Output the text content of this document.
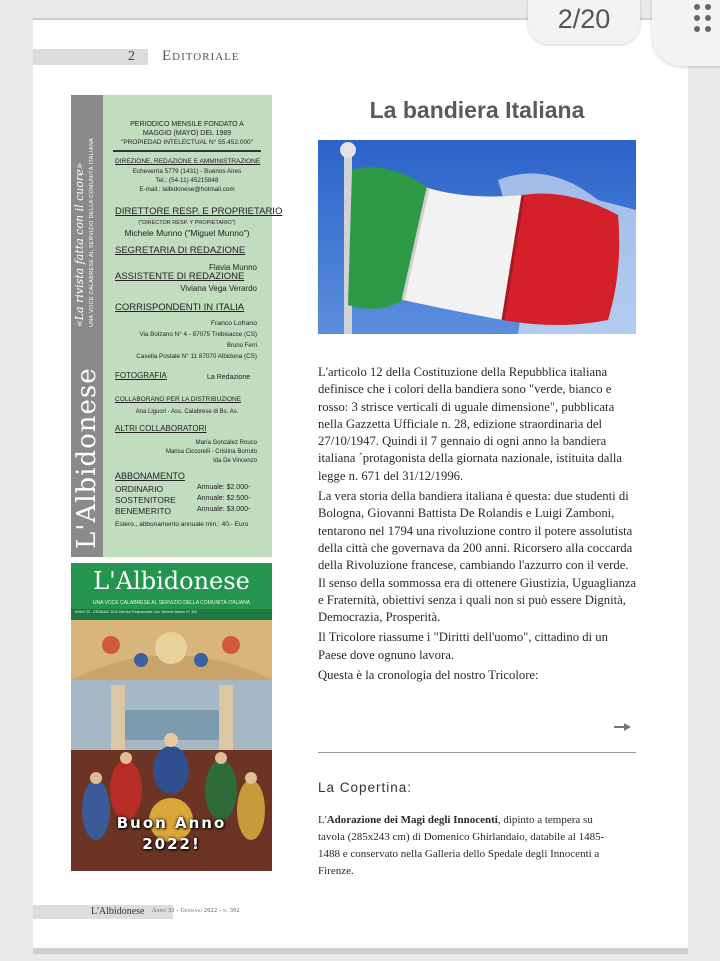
2/20
2 Editoriale
L'Albidonese
«La rivista fatta con il cuore» UNA VOCE CALABRESE AL SERVIZIO DELLA COMUNITÀ ITALIANA
PERIODICO MENSILE FONDATO A
MAGGIO (MAYO) DEL 1989
"PROPIEDAD INTELECTUAL N° 55.452.000"
DIREZIONE, REDAZIONE E AMMINISTRAZIONE
Echeverria 5779 (1431) - Buenos Aires
Tel.: (54-11) 45215848
E-mail.: lalbidonese@hotmail.com
DIRETTORE RESP. E PROPRIETARIO
("DIRECTOR RESP. Y PROPIETARIO")
Michele Munno ("Miguel Munno")
SEGRETARIA DI REDAZIONE
Flavia Munno
ASSISTENTE DI REDAZIONE
Viviana Vega Verardo
CORRISPONDENTI IN ITALIA
Franco Lofrano
Via Bolzano N° 4 - 87075 Trebisacce (CS)
Bruno Ferri
Casella Postale N° 11 87070 Albidona (CS)
FOTOGRAFIA	La Redazione
COLLABORANO PER LA DISTRIBUZIONE
Ana Liguori - Ass. Calabrese di Bs. As.
ALTRI COLLABORATORI
María González Rouco
Marisa Ciccorelli - Cristina Borruto
Ida De Vincenzo
ABBONAMENTO
ORDINARIO	Annuale: $2.000-
SOSTENITORE	Annuale: $2.500-
BENEMERITO	Annuale: $3.000-
Estero., abbonamento annuale min.: 40.- Euro
L'Albidonese
UNA VOCE CALABRESE AL SERVIZIO DELLA COMUNITÀ ITALIANA
ANNO 33 - GENNAIO 2022 Director Responsable Cav. Michele Munno N° 392
Buon Anno
2022!
La bandiera Italiana

L'articolo 12 della Costituzione della Repubblica italiana definisce che i colori della bandiera sono "verde, bianco e rosso: 3 strisce verticali di uguale dimensione", pubblicata nella Gazzetta Ufficiale n. 28, edizione straordinaria del 27/10/1947. Quindi il 7 gennaio di ogni anno la bandiera italiana ´protagonista della giornata nazionale, istituita dalla legge n. 671 del 31/12/1996.

La vera storia della bandiera italiana è questa: due studenti di Bologna, Giovanni Battista De Rolandis e Luigi Zamboni, tentarono nel 1794 una rivoluzione contro il potere assolutista della città che governava da 200 anni. Ricorsero alla coccarda della Rivoluzione francese, cambiando l'azzurro con il verde. Il senso della sommossa era di ottenere Giustizia, Uguaglianza e Fraternità, obiettivi senza i quali non si può essere Dignità, Democrazia, Prosperità.

Il Tricolore riassume i "Diritti dell'uomo", cittadino di un Paese dove ognuno lavora.

Questa è la cronologia del nostro Tricolore:

La Copertina:
L'Adorazione dei Magi degli Innocenti, dipinto a tempera su tavola (285x243 cm) di Domenico Ghirlandaio, databile al 1485-1488 e conservato nella Galleria dello Spedale degli Innocenti a Firenze.
L'Albidonese Anno 33 - Gennaio 2022 - n. 392
